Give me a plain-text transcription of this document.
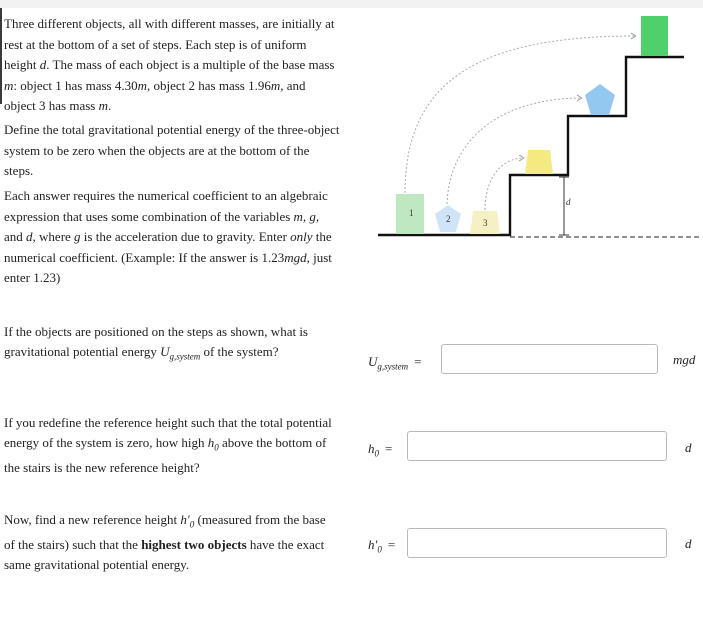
Three different objects, all with different masses, are initially at rest at the bottom of a set of steps. Each step is of uniform height d. The mass of each object is a multiple of the base mass m: object 1 has mass 4.30m, object 2 has mass 1.96m, and object 3 has mass m.
Define the total gravitational potential energy of the three-object system to be zero when the objects are at the bottom of the steps.
Each answer requires the numerical coefficient to an algebraic expression that uses some combination of the variables m, g, and d, where g is the acceleration due to gravity. Enter only the numerical coefficient. (Example: If the answer is 1.23mgd, just enter 1.23)
d
1
2	3
If the objects are positioned on the steps as shown, what is gravitational potential energy $U_{g,system}$ of the system?
$U_{g,system}$ =	mgd
If you redefine the reference height such that the total potential energy of the system is zero, how high $h_0$ above the bottom of the stairs is the new reference height?
$h_0$ =	d
Now, find a new reference height $h'_0$ (measured from the base of the stairs) such that the highest two objects have the exact same gravitational potential energy.
$h'_0$ =	d
